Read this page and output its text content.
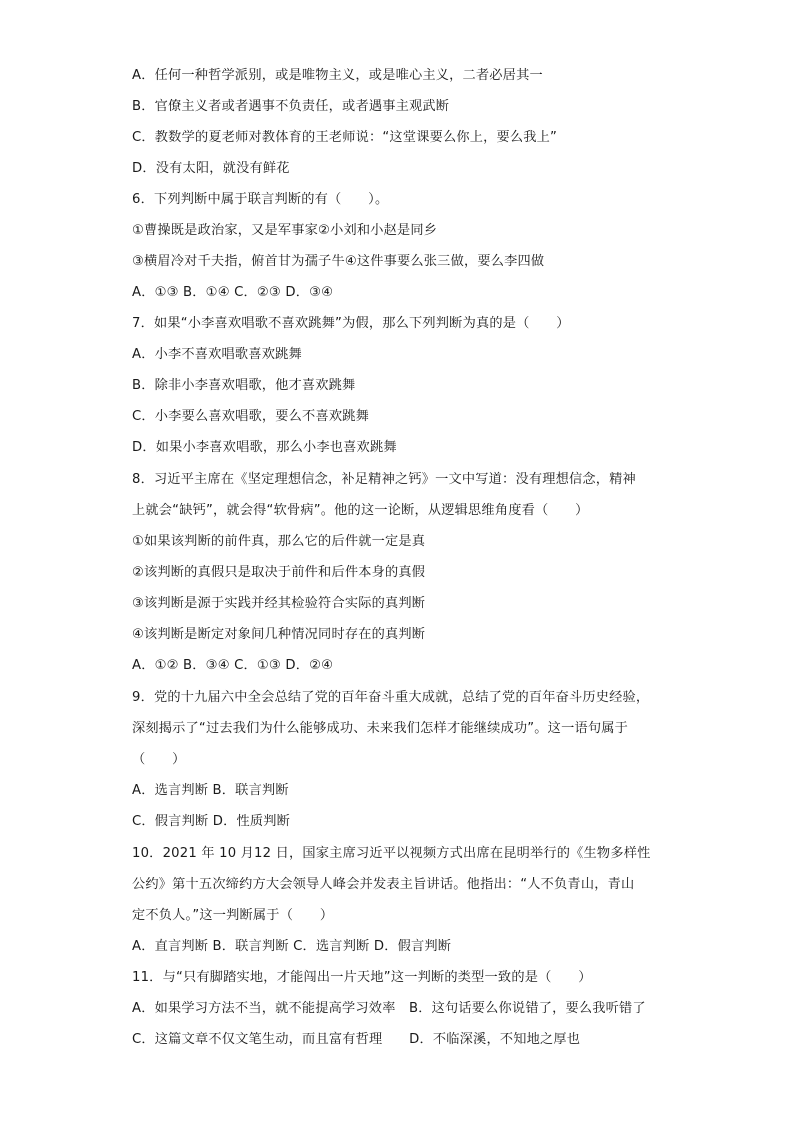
A．任何一种哲学派别，或是唯物主义，或是唯心主义，二者必居其一
B．官僚主义者或者遇事不负责任，或者遇事主观武断
C．教数学的夏老师对教体育的王老师说：“这堂课要么你上，要么我上”
D．没有太阳，就没有鲜花
6．下列判断中属于联言判断的有（　　）。
①曹操既是政治家，又是军事家②小刘和小赵是同乡
③横眉冷对千夫指，俯首甘为孺子牛④这件事要么张三做，要么李四做
A．①③ B．①④ C．②③ D．③④
7．如果“小李喜欢唱歌不喜欢跳舞”为假，那么下列判断为真的是（　　）
A．小李不喜欢唱歌喜欢跳舞
B．除非小李喜欢唱歌，他才喜欢跳舞
C．小李要么喜欢唱歌，要么不喜欢跳舞
D．如果小李喜欢唱歌，那么小李也喜欢跳舞
8．习近平主席在《坚定理想信念，补足精神之钙》一文中写道：没有理想信念，精神
上就会“缺钙”，就会得“软骨病”。他的这一论断，从逻辑思维角度看（　　）
①如果该判断的前件真，那么它的后件就一定是真
②该判断的真假只是取决于前件和后件本身的真假
③该判断是源于实践并经其检验符合实际的真判断
④该判断是断定对象间几种情况同时存在的真判断
A．①② B．③④ C．①③ D．②④
9．党的十九届六中全会总结了党的百年奋斗重大成就，总结了党的百年奋斗历史经验，
深刻揭示了“过去我们为什么能够成功、未来我们怎样才能继续成功”。这一语句属于
（　　）
A．选言判断 B．联言判断
C．假言判断 D．性质判断
10．2021 年 10 月12 日，国家主席习近平以视频方式出席在昆明举行的《生物多样性
公约》第十五次缔约方大会领导人峰会并发表主旨讲话。他指出：“人不负青山，青山
定不负人。”这一判断属于（　　）
A．直言判断 B．联言判断 C．选言判断 D．假言判断
11．与“只有脚踏实地，才能闯出一片天地”这一判断的类型一致的是（　　）
A．如果学习方法不当，就不能提高学习效率　B．这句话要么你说错了，要么我听错了
C．这篇文章不仅文笔生动，而且富有哲理　　D．不临深溪，不知地之厚也
